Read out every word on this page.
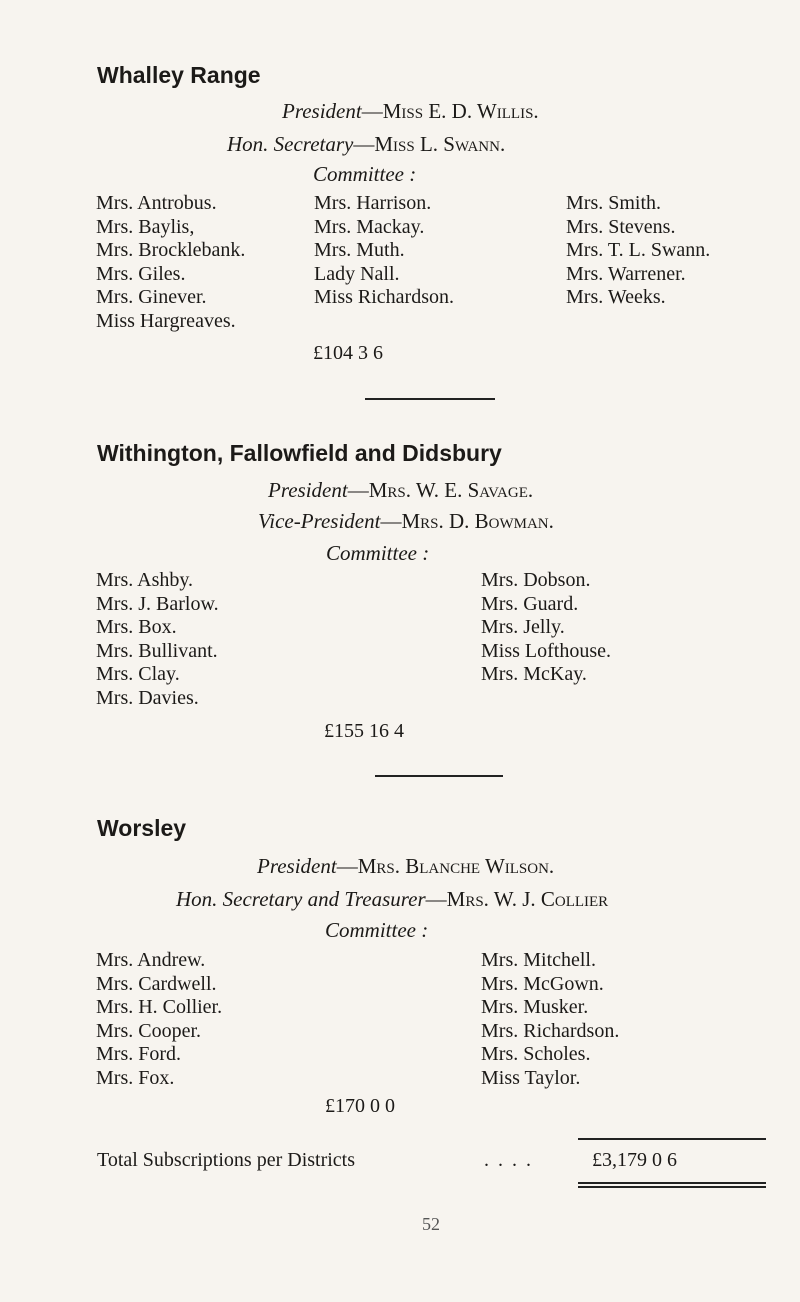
Whalley Range
President—Miss E. D. Willis.
Hon. Secretary—Miss L. Swann.
Committee :
Mrs. Antrobus.
Mrs. Baylis,
Mrs. Brocklebank.
Mrs. Giles.
Mrs. Ginever.
Miss Hargreaves.
Mrs. Harrison.
Mrs. Mackay.
Mrs. Muth.
Lady Nall.
Miss Richardson.
Mrs. Smith.
Mrs. Stevens.
Mrs. T. L. Swann.
Mrs. Warrener.
Mrs. Weeks.
£104 3 6
Withington, Fallowfield and Didsbury
President—Mrs. W. E. Savage.
Vice-President—Mrs. D. Bowman.
Committee :
Mrs. Ashby.
Mrs. J. Barlow.
Mrs. Box.
Mrs. Bullivant.
Mrs. Clay.
Mrs. Davies.
Mrs. Dobson.
Mrs. Guard.
Mrs. Jelly.
Miss Lofthouse.
Mrs. McKay.
£155 16 4
Worsley
President—Mrs. Blanche Wilson.
Hon. Secretary and Treasurer—Mrs. W. J. Collier
Committee :
Mrs. Andrew.
Mrs. Cardwell.
Mrs. H. Collier.
Mrs. Cooper.
Mrs. Ford.
Mrs. Fox.
Mrs. Mitchell.
Mrs. McGown.
Mrs. Musker.
Mrs. Richardson.
Mrs. Scholes.
Miss Taylor.
£170 0 0
Total Subscriptions per Districts	. . . .	£3,179 0 6
52
